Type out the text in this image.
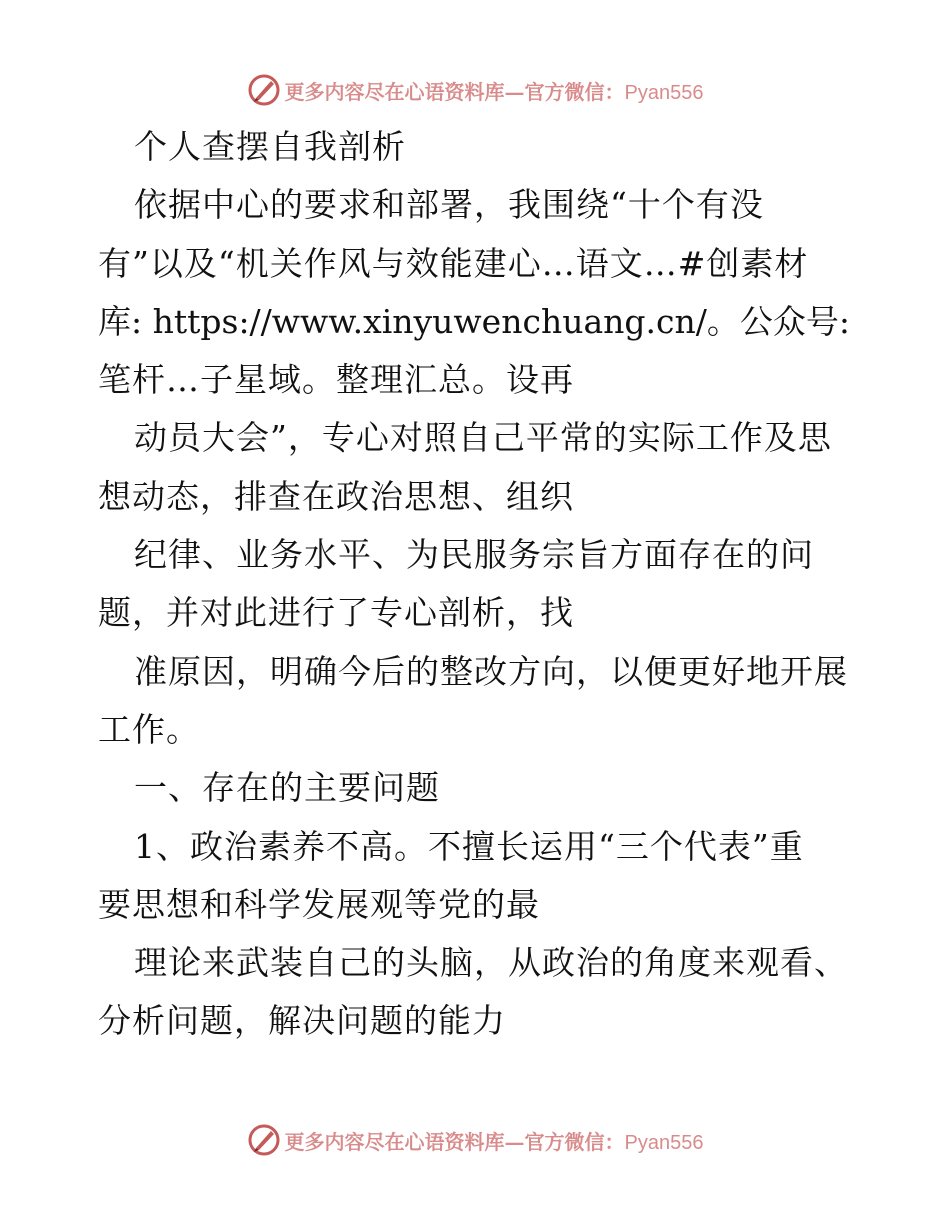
更多内容尽在心语资料库—官方微信：Pyan556
个人查摆自我剖析
依据中心的要求和部署，我围绕“十个有没
有”以及“机关作风与效能建心…语文…#创素材
库: https://www.xinyuwenchuang.cn/。公众号:
笔杆…子星域。整理汇总。设再
动员大会”，专心对照自己平常的实际工作及思
想动态，排查在政治思想、组织
纪律、业务水平、为民服务宗旨方面存在的问
题，并对此进行了专心剖析，找
准原因，明确今后的整改方向，以便更好地开展
工作。
一、存在的主要问题
1、政治素养不高。不擅长运用“三个代表”重
要思想和科学发展观等党的最
理论来武装自己的头脑，从政治的角度来观看、
分析问题，解决问题的能力
更多内容尽在心语资料库—官方微信：Pyan556
